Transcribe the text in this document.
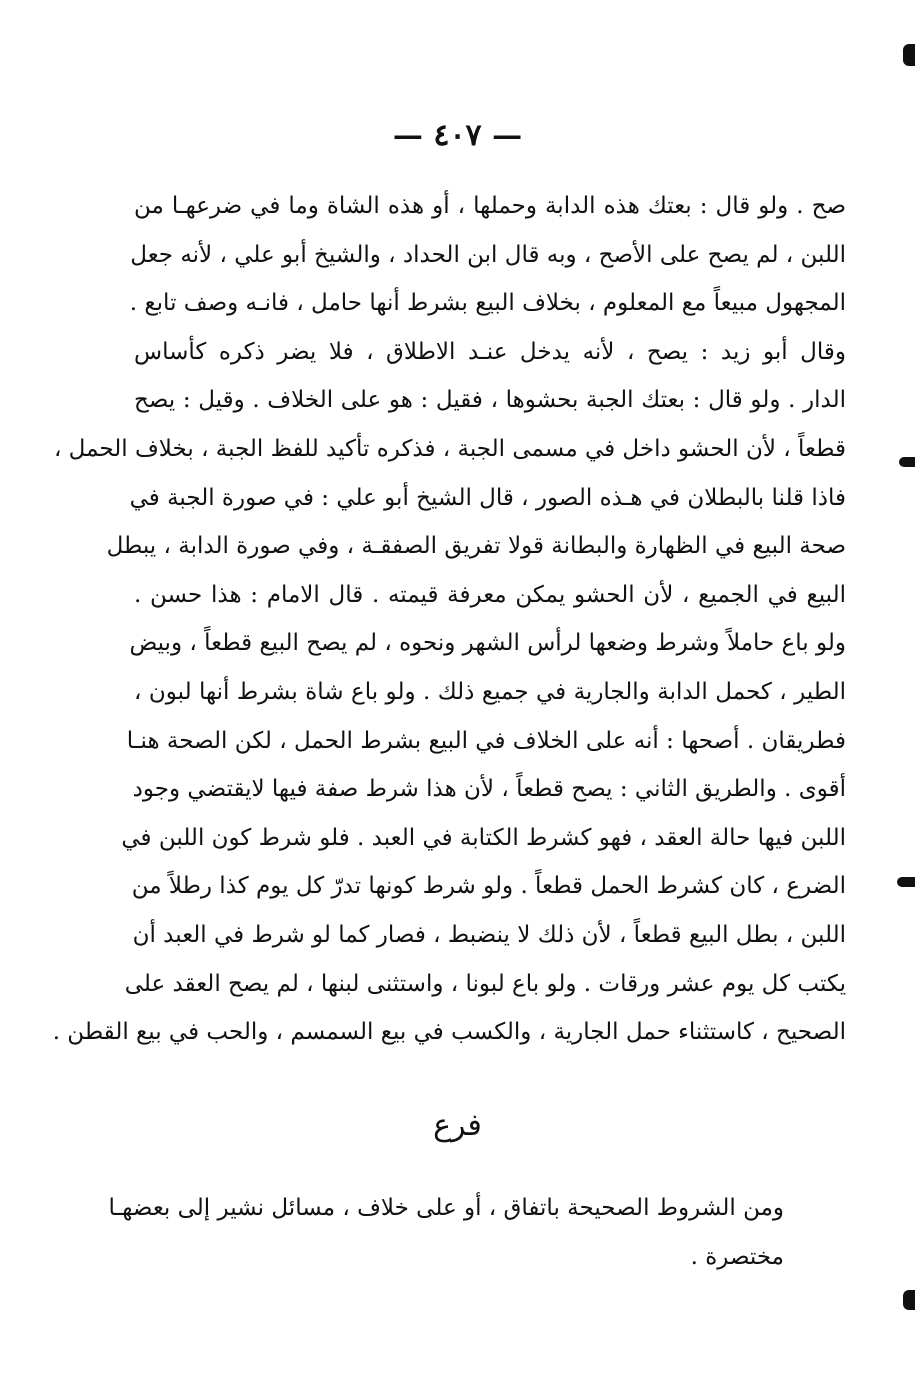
— ٤٠٧ —
صح . ولو قال : بعتك هذه الدابة وحملها ، أو هذه الشاة وما في ضرعهـا من
اللبن ، لم يصح على الأصح ، وبه قال ابن الحداد ، والشيخ أبو علي ، لأنه جعل
المجهول مبيعاً مع المعلوم ، بخلاف البيع بشرط أنها حامل ، فانـه وصف تابع .
وقال أبو زيد : يصح ، لأنه يدخل عنـد الاطلاق ، فلا يضر ذكره كأساس
الدار . ولو قال : بعتك الجبة بحشوها ، فقيل : هو على الخلاف . وقيل : يصح
قطعاً ، لأن الحشو داخل في مسمى الجبة ، فذكره تأكيد للفظ الجبة ، بخلاف الحمل ،
فاذا قلنا بالبطلان في هـذه الصور ، قال الشيخ أبو علي : في صورة الجبة في
صحة البيع في الظهارة والبطانة قولا تفريق الصفقـة ، وفي صورة الدابة ، يبطل
البيع في الجميع ، لأن الحشو يمكن معرفة قيمته . قال الامام : هذا حسن .
ولو باع حاملاً وشرط وضعها لرأس الشهر ونحوه ، لم يصح البيع قطعاً ، وبيض
الطير ، كحمل الدابة والجارية في جميع ذلك . ولو باع شاة بشرط أنها لبون ،
فطريقان . أصحها : أنه على الخلاف في البيع بشرط الحمل ، لكن الصحة هنـا
أقوى . والطريق الثاني : يصح قطعاً ، لأن هذا شرط صفة فيها لايقتضي وجود
اللبن فيها حالة العقد ، فهو كشرط الكتابة في العبد . فلو شرط كون اللبن في
الضرع ، كان كشرط الحمل قطعاً . ولو شرط كونها تدرّ كل يوم كذا رطلاً من
اللبن ، بطل البيع قطعاً ، لأن ذلك لا ينضبط ، فصار كما لو شرط في العبد أن
يكتب كل يوم عشر ورقات . ولو باع لبونا ، واستثنى لبنها ، لم يصح العقد على
الصحيح ، كاستثناء حمل الجارية ، والكسب في بيع السمسم ، والحب في بيع القطن .
فرع
ومن الشروط الصحيحة باتفاق ، أو على خلاف ، مسائل نشير إلى بعضهـا
مختصرة .
